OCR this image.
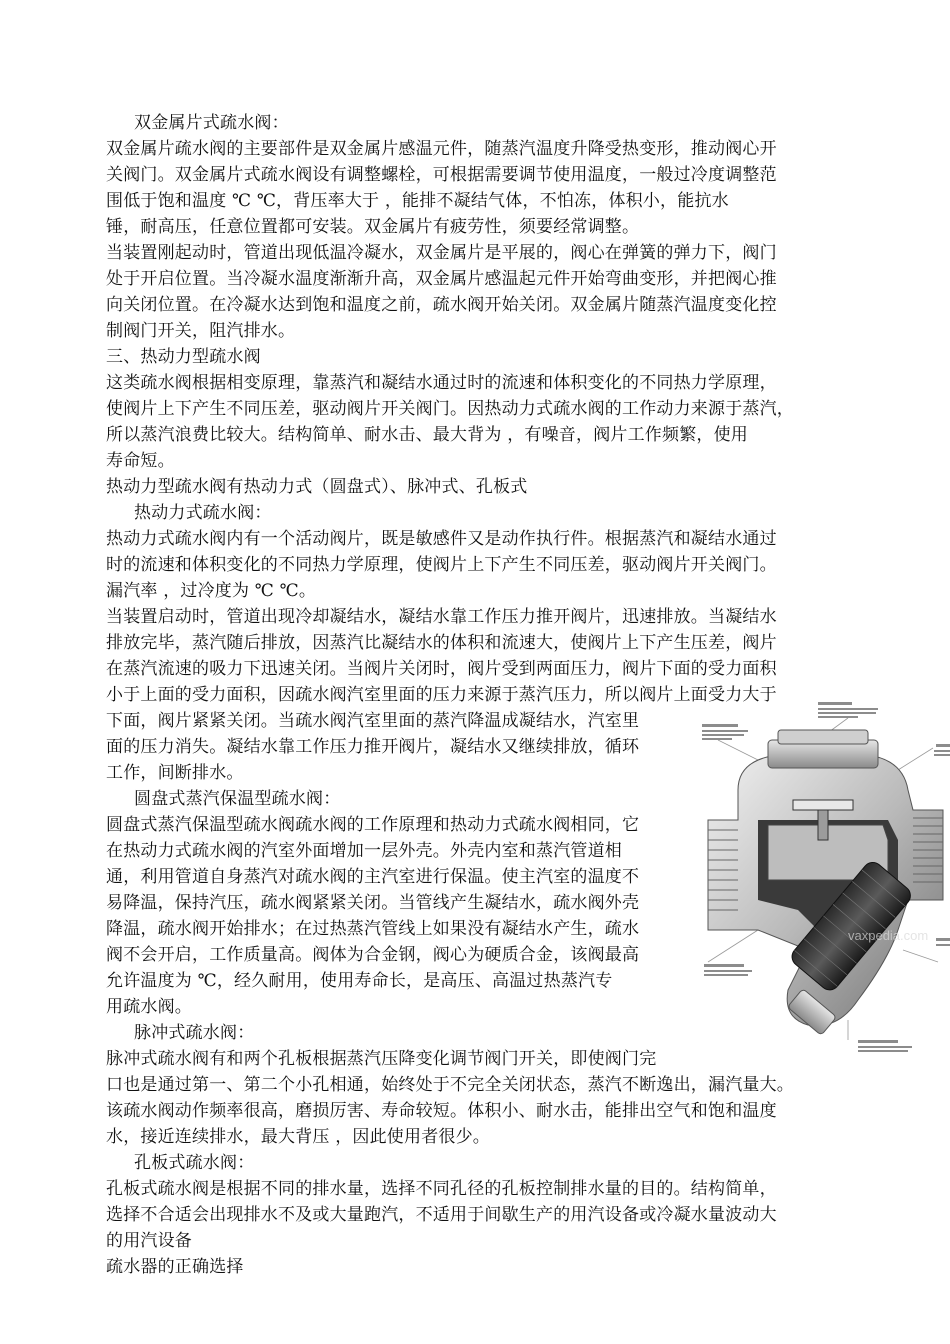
双金属片式疏水阀：
双金属片疏水阀的主要部件是双金属片感温元件，随蒸汽温度升降受热变形，推动阀心开
关阀门。双金属片式疏水阀设有调整螺栓，可根据需要调节使用温度，一般过冷度调整范
围低于饱和温度 ℃ ℃，背压率大于 ，能排不凝结气体，不怕冻，体积小，能抗水
锤，耐高压，任意位置都可安装。双金属片有疲劳性，须要经常调整。
当装置刚起动时，管道出现低温冷凝水，双金属片是平展的，阀心在弹簧的弹力下，阀门
处于开启位置。当冷凝水温度渐渐升高，双金属片感温起元件开始弯曲变形，并把阀心推
向关闭位置。在冷凝水达到饱和温度之前，疏水阀开始关闭。双金属片随蒸汽温度变化控
制阀门开关，阻汽排水。
三、热动力型疏水阀
这类疏水阀根据相变原理，靠蒸汽和凝结水通过时的流速和体积变化的不同热力学原理，
使阀片上下产生不同压差，驱动阀片开关阀门。因热动力式疏水阀的工作动力来源于蒸汽，
所以蒸汽浪费比较大。结构简单、耐水击、最大背为 ，有噪音，阀片工作频繁，使用
寿命短。
热动力型疏水阀有热动力式（圆盘式）、脉冲式、孔板式
热动力式疏水阀：
热动力式疏水阀内有一个活动阀片，既是敏感件又是动作执行件。根据蒸汽和凝结水通过
时的流速和体积变化的不同热力学原理，使阀片上下产生不同压差，驱动阀片开关阀门。
漏汽率 ，过冷度为 ℃ ℃。
当装置启动时，管道出现冷却凝结水，凝结水靠工作压力推开阀片，迅速排放。当凝结水
排放完毕，蒸汽随后排放，因蒸汽比凝结水的体积和流速大，使阀片上下产生压差，阀片
在蒸汽流速的吸力下迅速关闭。当阀片关闭时，阀片受到两面压力，阀片下面的受力面积
小于上面的受力面积，因疏水阀汽室里面的压力来源于蒸汽压力，所以阀片上面受力大于
下面，阀片紧紧关闭。当疏水阀汽室里面的蒸汽降温成凝结水，汽室里
面的压力消失。凝结水靠工作压力推开阀片，凝结水又继续排放，循环
工作，间断排水。
圆盘式蒸汽保温型疏水阀：
圆盘式蒸汽保温型疏水阀疏水阀的工作原理和热动力式疏水阀相同，它
在热动力式疏水阀的汽室外面增加一层外壳。外壳内室和蒸汽管道相
通，利用管道自身蒸汽对疏水阀的主汽室进行保温。使主汽室的温度不
易降温，保持汽压，疏水阀紧紧关闭。当管线产生凝结水，疏水阀外壳
降温，疏水阀开始排水；在过热蒸汽管线上如果没有凝结水产生，疏水
阀不会开启，工作质量高。阀体为合金钢，阀心为硬质合金，该阀最高
允许温度为 ℃，经久耐用，使用寿命长，是高压、高温过热蒸汽专
用疏水阀。
脉冲式疏水阀：
脉冲式疏水阀有和两个孔板根据蒸汽压降变化调节阀门开关，即使阀门完
口也是通过第一、第二个小孔相通，始终处于不完全关闭状态，蒸汽不断逸出，漏汽量大。
该疏水阀动作频率很高，磨损厉害、寿命较短。体积小、耐水击，能排出空气和饱和温度
水，接近连续排水，最大背压 ，因此使用者很少。
孔板式疏水阀：
孔板式疏水阀是根据不同的排水量，选择不同孔径的孔板控制排水量的目的。结构简单，
选择不合适会出现排水不及或大量跑汽，不适用于间歇生产的用汽设备或冷凝水量波动大
的用汽设备
疏水器的正确选择
vaxpedia.com
